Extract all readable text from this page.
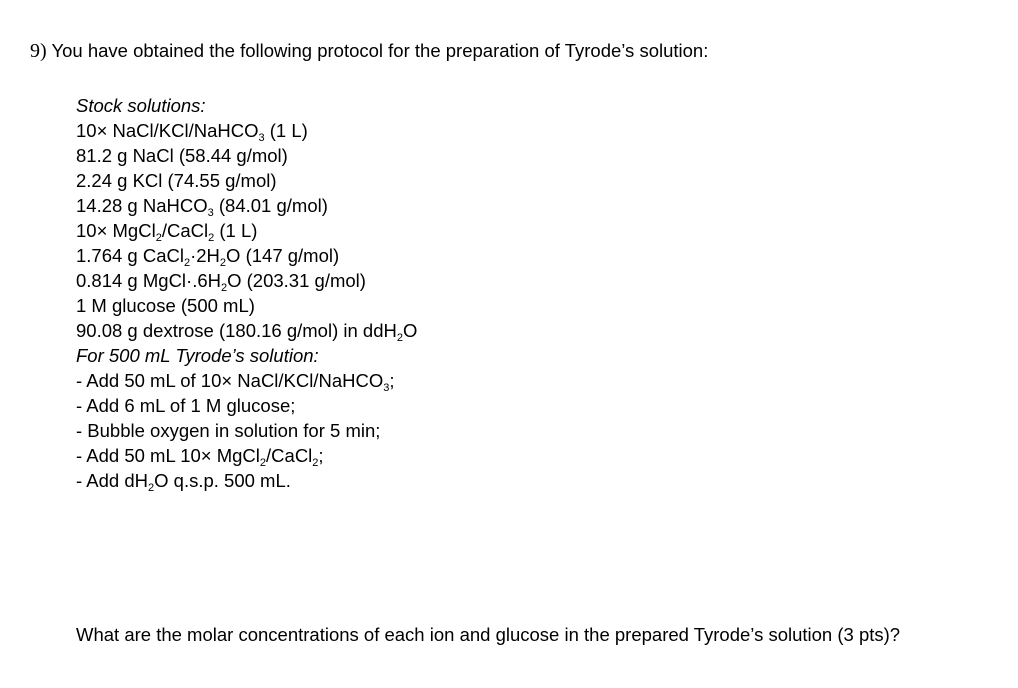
9) You have obtained the following protocol for the preparation of Tyrode’s solution:
Stock solutions:
10× NaCl/KCl/NaHCO$_3$ (1 L)
81.2 g NaCl (58.44 g/mol)
2.24 g KCl (74.55 g/mol)
14.28 g NaHCO$_3$ (84.01 g/mol)
10× MgCl$_2$/CaCl$_2$ (1 L)
1.764 g $CaCl_2\cdot 2H_2O$ (147 g/mol)
0.814 g $MgCl\cdot.6H_2O$ (203.31 g/mol)
1 M glucose (500 mL)
90.08 g dextrose (180.16 g/mol) in ddH$_2$O
For 500 mL Tyrode’s solution:
- Add 50 mL of 10× NaCl/KCl/NaHCO$_3$;
- Add 6 mL of 1 M glucose;
- Bubble oxygen in solution for 5 min;
- Add 50 mL 10× MgCl$_2$/CaCl$_2$;
- Add $dH_2O$ q.s.p. 500 mL.
What are the molar concentrations of each ion and glucose in the prepared Tyrode’s solution (3 pts)?
